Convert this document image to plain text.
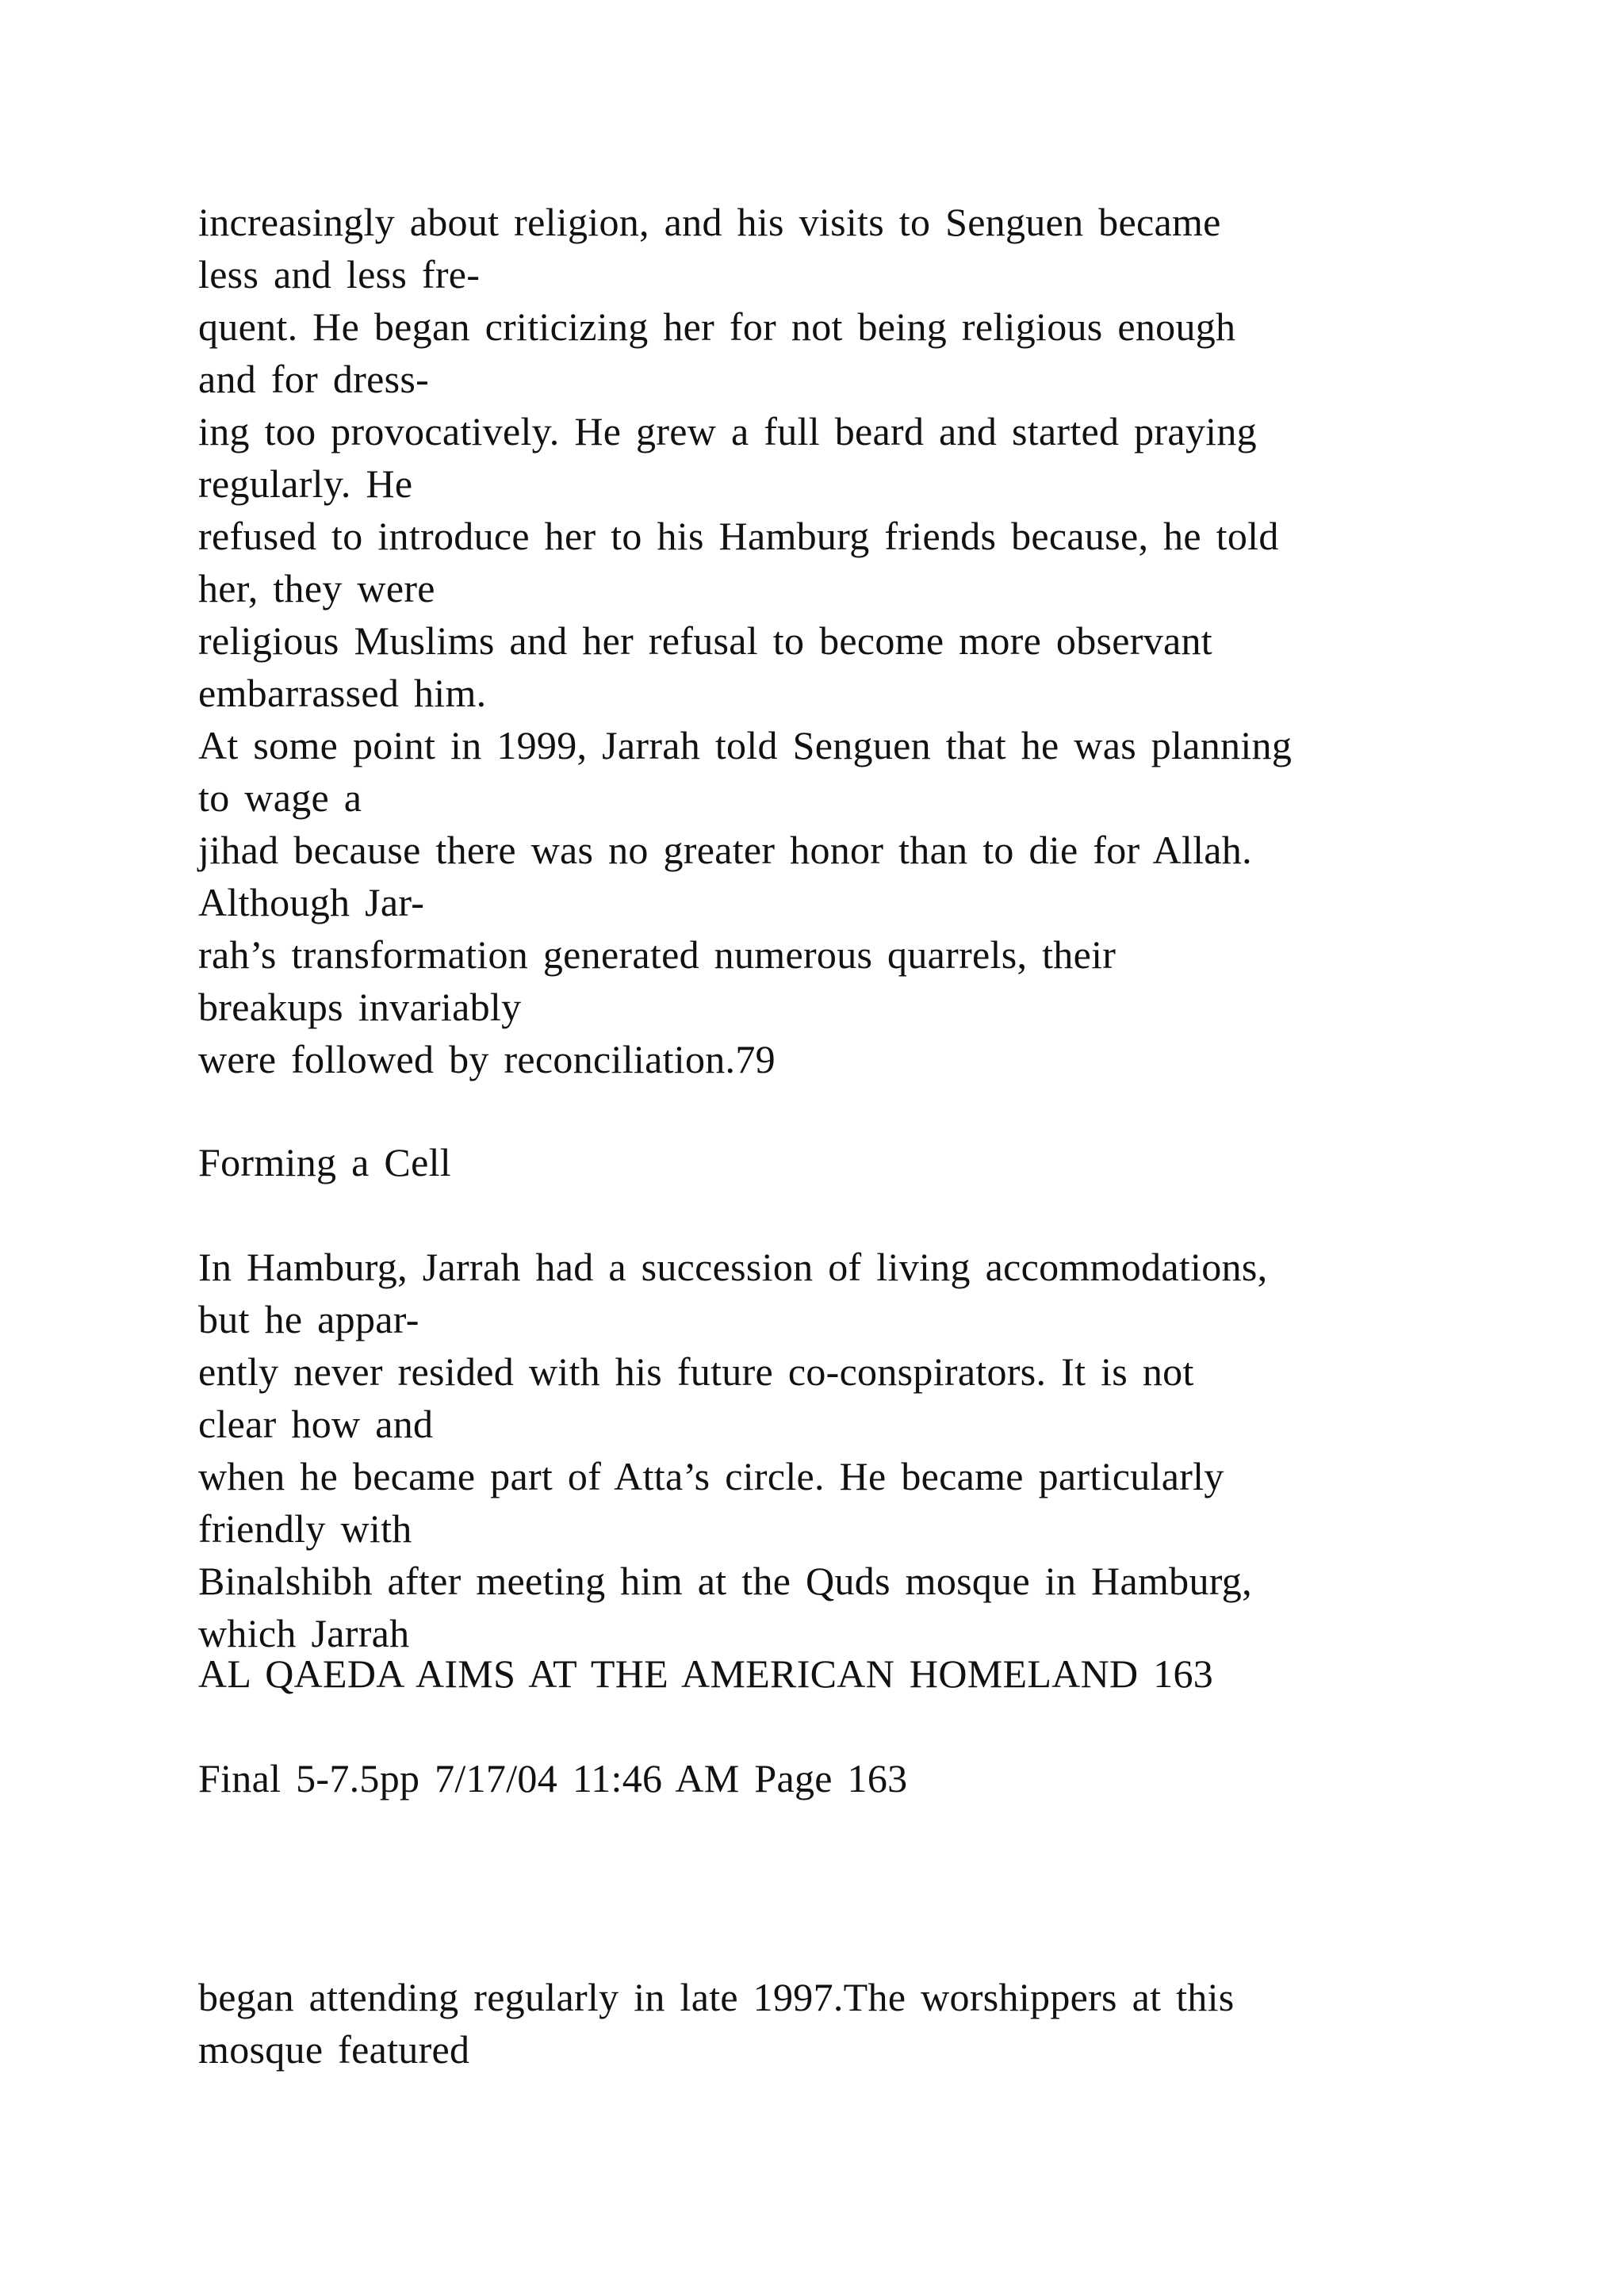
increasingly about religion, and his visits to Senguen became
less and less fre-
quent. He began criticizing her for not being religious enough
and for dress-
ing too provocatively. He grew a full beard and started praying
regularly. He
refused to introduce her to his Hamburg friends because, he told
her, they were
religious Muslims and her refusal to become more observant
embarrassed him.
At some point in 1999, Jarrah told Senguen that he was planning
to wage a
jihad because there was no greater honor than to die for Allah.
Although Jar-
rah’s transformation generated numerous quarrels, their
breakups invariably
were followed by reconciliation.79
Forming a Cell
In Hamburg, Jarrah had a succession of living accommodations,
but he appar-
ently never resided with his future co-conspirators. It is not
clear how and
when he became part of Atta’s circle. He became particularly
friendly with
Binalshibh after meeting him at the Quds mosque in Hamburg,
which Jarrah
AL QAEDA AIMS AT THE AMERICAN HOMELAND 163
Final 5-7.5pp 7/17/04 11:46 AM Page 163
began attending regularly in late 1997.The worshippers at this
mosque featured
